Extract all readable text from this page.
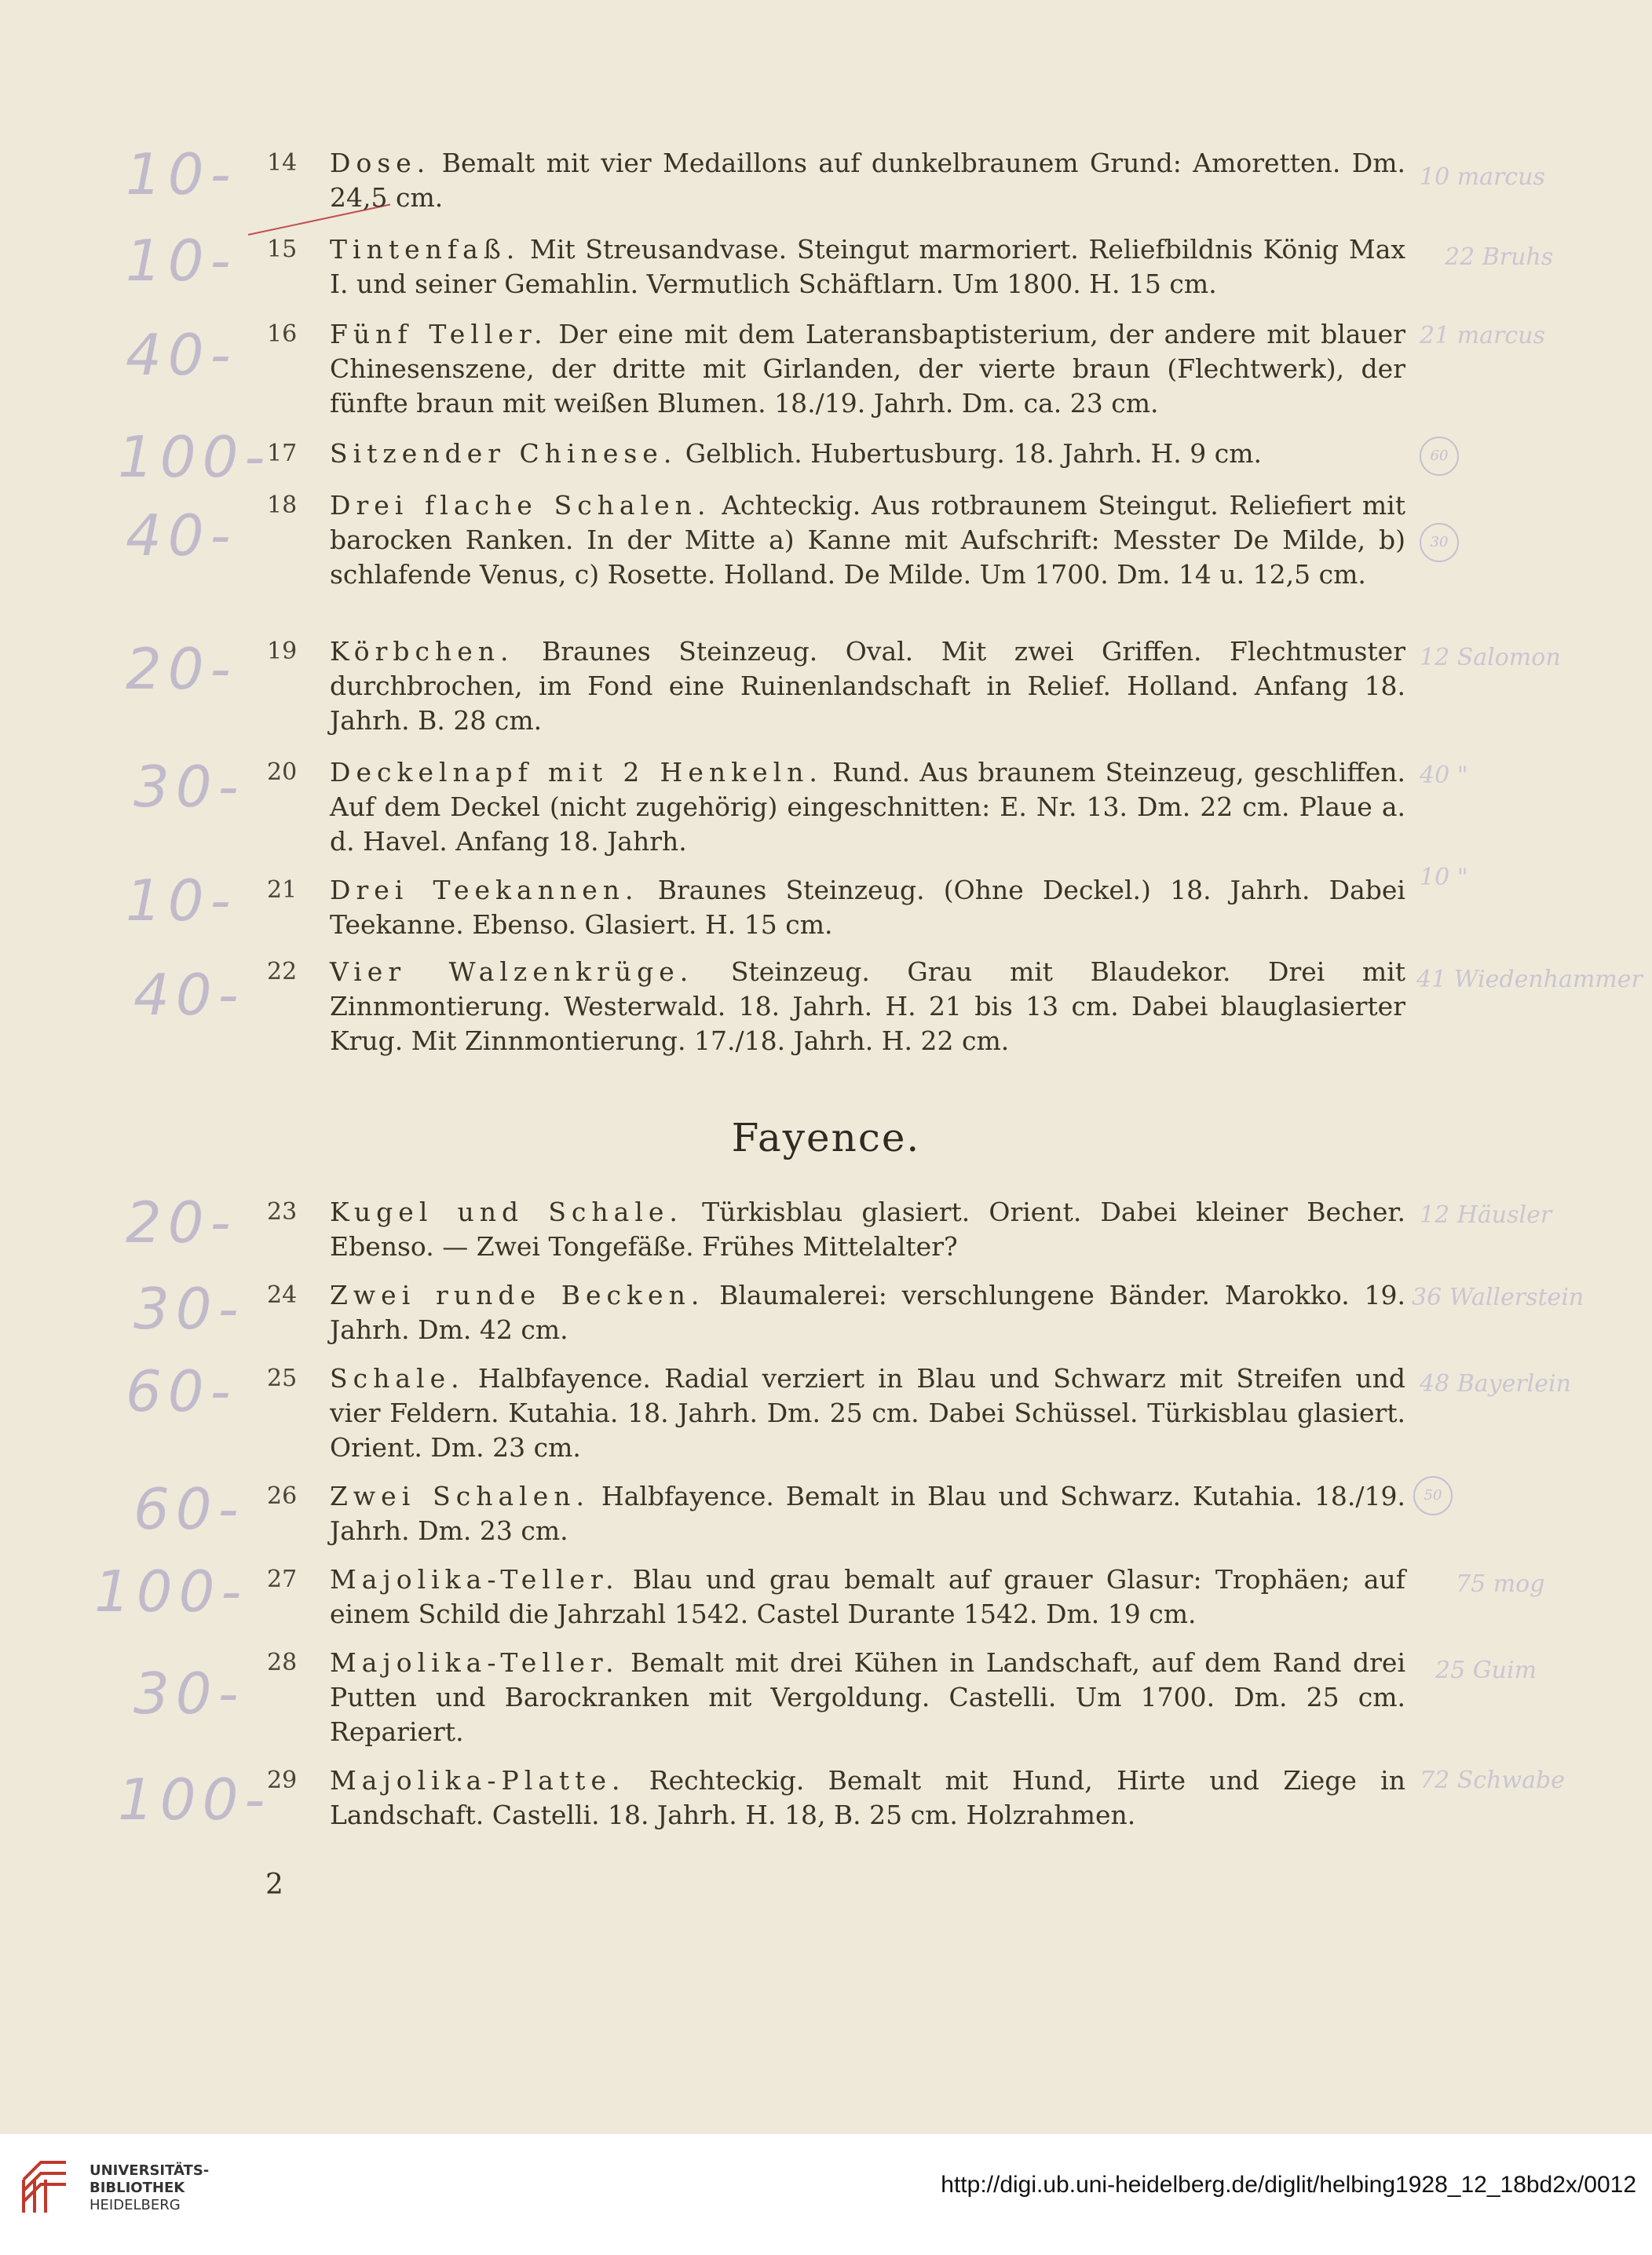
14	Dose. Bemalt mit vier Medaillons auf dunkelbraunem Grund: Amoretten. Dm. 24,5 cm.
15	Tintenfaß. Mit Streusandvase. Steingut marmoriert. Reliefbildnis König Max I. und seiner Gemahlin. Vermutlich Schäftlarn. Um 1800. H. 15 cm.
16	Fünf Teller. Der eine mit dem Lateransbaptisterium, der andere mit blauer Chinesenszene, der dritte mit Girlanden, der vierte braun (Flechtwerk), der fünfte braun mit weißen Blumen. 18./19. Jahrh. Dm. ca. 23 cm.
17	Sitzender Chinese. Gelblich. Hubertusburg. 18. Jahrh. H. 9 cm.
18	Drei flache Schalen. Achteckig. Aus rotbraunem Steingut. Reliefiert mit barocken Ranken. In der Mitte a) Kanne mit Aufschrift: Messter De Milde, b) schlafende Venus, c) Rosette. Holland. De Milde. Um 1700. Dm. 14 u. 12,5 cm.
19	Körbchen. Braunes Steinzeug. Oval. Mit zwei Griffen. Flechtmuster durchbrochen, im Fond eine Ruinenlandschaft in Relief. Holland. Anfang 18. Jahrh. B. 28 cm.
20	Deckelnapf mit 2 Henkeln. Rund. Aus braunem Steinzeug, geschliffen. Auf dem Deckel (nicht zugehörig) eingeschnitten: E. Nr. 13. Dm. 22 cm. Plaue a. d. Havel. Anfang 18. Jahrh.
21	Drei Teekannen. Braunes Steinzeug. (Ohne Deckel.) 18. Jahrh. Dabei Teekanne. Ebenso. Glasiert. H. 15 cm.
22	Vier Walzenkrüge. Steinzeug. Grau mit Blaudekor. Drei mit Zinnmontierung. Westerwald. 18. Jahrh. H. 21 bis 13 cm. Dabei blauglasierter Krug. Mit Zinnmontierung. 17./18. Jahrh. H. 22 cm.
Fayence.
23	Kugel und Schale. Türkisblau glasiert. Orient. Dabei kleiner Becher. Ebenso. — Zwei Tongefäße. Frühes Mittelalter?
24	Zwei runde Becken. Blaumalerei: verschlungene Bänder. Marokko. 19. Jahrh. Dm. 42 cm.
25	Schale. Halbfayence. Radial verziert in Blau und Schwarz mit Streifen und vier Feldern. Kutahia. 18. Jahrh. Dm. 25 cm. Dabei Schüssel. Türkisblau glasiert. Orient. Dm. 23 cm.
26	Zwei Schalen. Halbfayence. Bemalt in Blau und Schwarz. Kutahia. 18./19. Jahrh. Dm. 23 cm.
27	Majolika-Teller. Blau und grau bemalt auf grauer Glasur: Trophäen; auf einem Schild die Jahrzahl 1542. Castel Durante 1542. Dm. 19 cm.
28	Majolika-Teller. Bemalt mit drei Kühen in Landschaft, auf dem Rand drei Putten und Barockranken mit Vergoldung. Castelli. Um 1700. Dm. 25 cm. Repariert.
29	Majolika-Platte. Rechteckig. Bemalt mit Hund, Hirte und Ziege in Landschaft. Castelli. 18. Jahrh. H. 18, B. 25 cm. Holzrahmen.
10-
10-
40-
100-
40-
20-
30-
10-
40-
20-
30-
60-
60-
100-
30-
100-
10 marcus
22 Bruhs
21 marcus
12 Salomon
40 "
10 "
41 Wiedenhammer
12 Häusler
36 Wallerstein
48 Bayerlein
75 mog
25 Guim
72 Schwabe
60
30
50
2
UNIVERSITÄTS-
BIBLIOTHEK
HEIDELBERG
http://digi.ub.uni-heidelberg.de/diglit/helbing1928_12_18bd2x/0012
